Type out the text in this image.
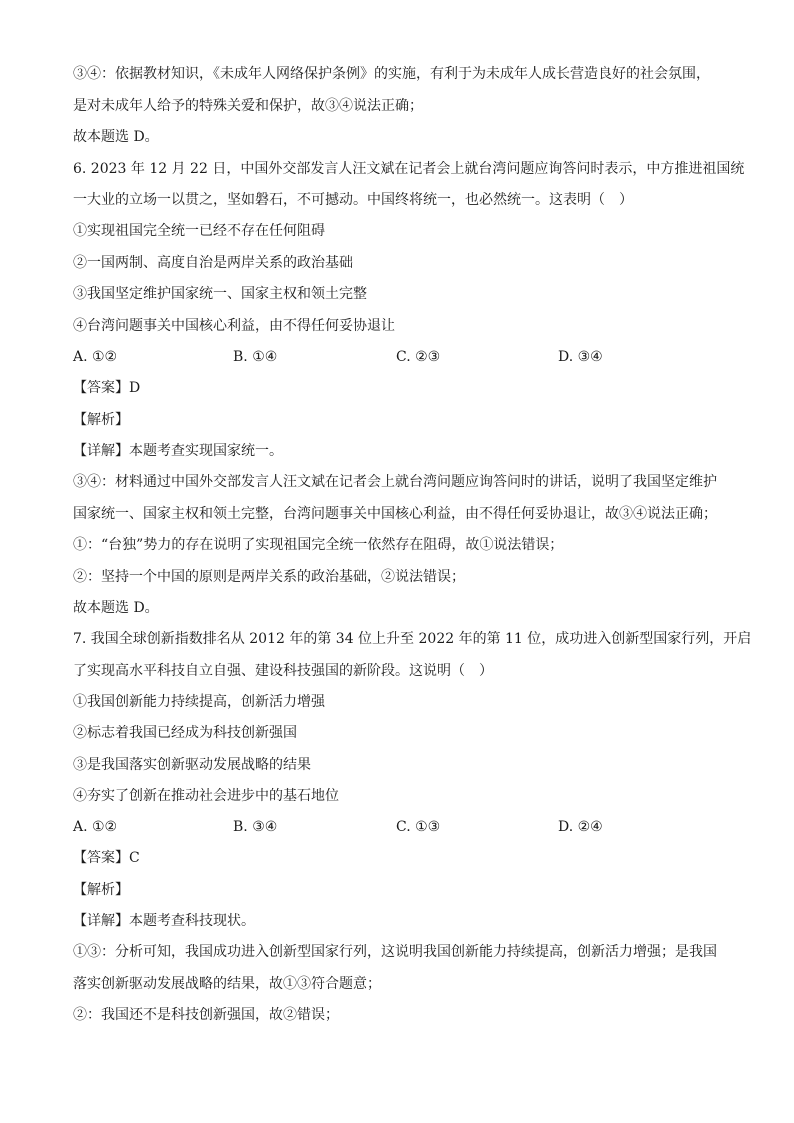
③④：依据教材知识，《未成年人网络保护条例》的实施，有利于为未成年人成长营造良好的社会氛围，
是对未成年人给予的特殊关爱和保护，故③④说法正确；
故本题选 D。
6. 2023 年 12 月 22 日，中国外交部发言人汪文斌在记者会上就台湾问题应询答问时表示，中方推进祖国统
一大业的立场一以贯之，坚如磐石，不可撼动。中国终将统一，也必然统一。这表明（　）
①实现祖国完全统一已经不存在任何阻碍
②一国两制、高度自治是两岸关系的政治基础
③我国坚定维护国家统一、国家主权和领土完整
④台湾问题事关中国核心利益，由不得任何妥协退让
A. ①②	B. ①④	C. ②③	D. ③④
【答案】D
【解析】
【详解】本题考查实现国家统一。
③④：材料通过中国外交部发言人汪文斌在记者会上就台湾问题应询答问时的讲话，说明了我国坚定维护
国家统一、国家主权和领土完整，台湾问题事关中国核心利益，由不得任何妥协退让，故③④说法正确；
①：“台独”势力的存在说明了实现祖国完全统一依然存在阻碍，故①说法错误；
②：坚持一个中国的原则是两岸关系的政治基础，②说法错误；
故本题选 D。
7. 我国全球创新指数排名从 2012 年的第 34 位上升至 2022 年的第 11 位，成功进入创新型国家行列，开启
了实现高水平科技自立自强、建设科技强国的新阶段。这说明（　）
①我国创新能力持续提高，创新活力增强
②标志着我国已经成为科技创新强国
③是我国落实创新驱动发展战略的结果
④夯实了创新在推动社会进步中的基石地位
A. ①②	B. ③④	C. ①③	D. ②④
【答案】C
【解析】
【详解】本题考查科技现状。
①③：分析可知，我国成功进入创新型国家行列，这说明我国创新能力持续提高，创新活力增强；是我国
落实创新驱动发展战略的结果，故①③符合题意；
②：我国还不是科技创新强国，故②错误；
